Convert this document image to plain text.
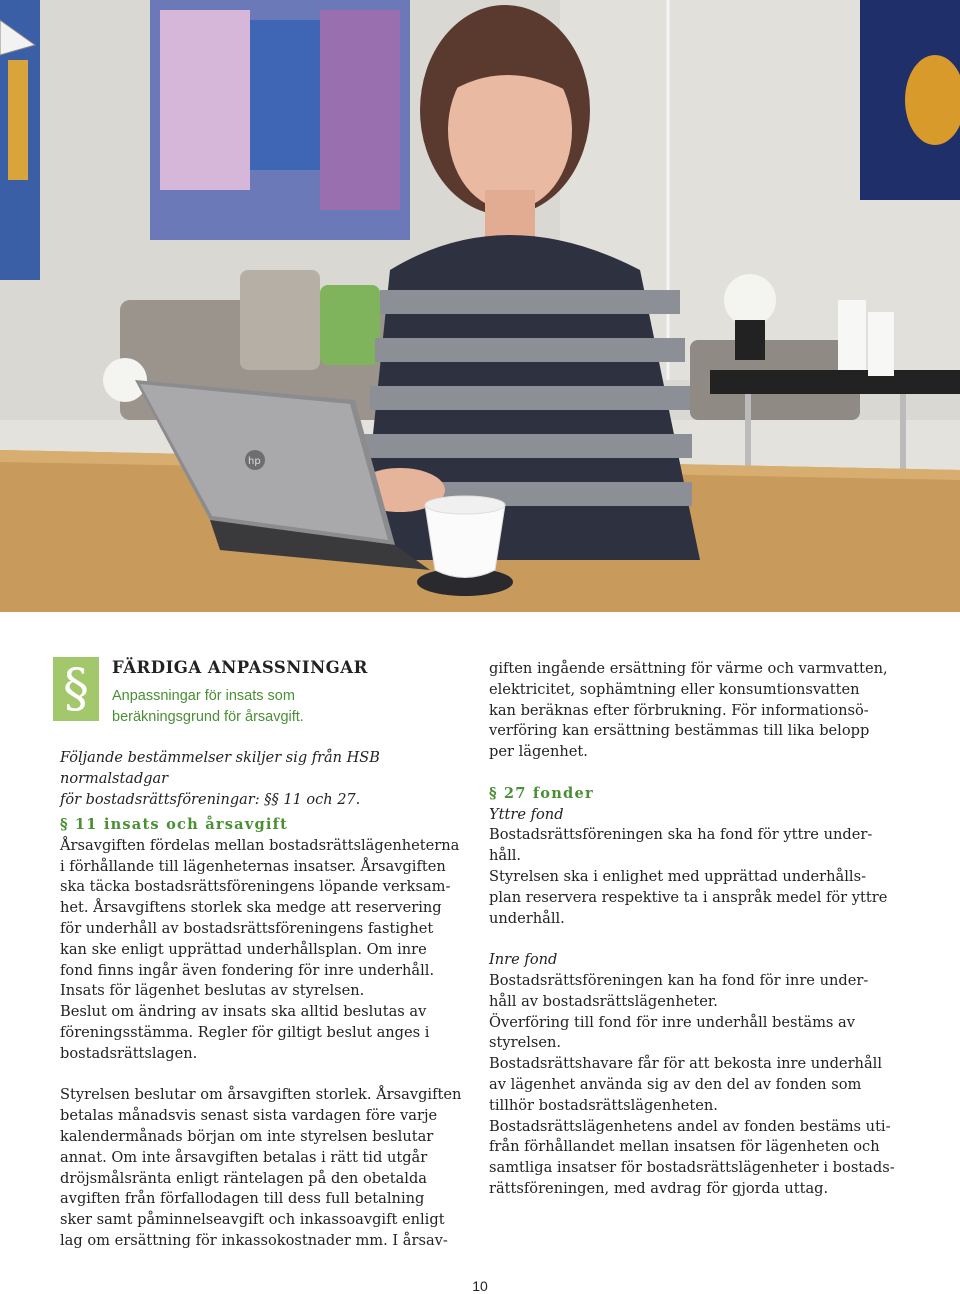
hp
§	FÄRDIGA ANPASSNINGAR
Anpassningar för insats som
beräkningsgrund för årsavgift.
Följande bestämmelser skiljer sig från HSB normalstadgar
för bostadsrättsföreningar: §§ 11 och 27.
§ 11 insats och årsavgift
Årsavgiften fördelas mellan bostadsrättslägenheterna
i förhållande till lägenheternas insatser. Årsavgiften
ska täcka bostadsrättsföreningens löpande verksam-
het. Årsavgiftens storlek ska medge att reservering
för underhåll av bostadsrättsföreningens fastighet
kan ske enligt upprättad underhållsplan. Om inre
fond finns ingår även fondering för inre underhåll.
Insats för lägenhet beslutas av styrelsen.
Beslut om ändring av insats ska alltid beslutas av
föreningsstämma. Regler för giltigt beslut anges i
bostadsrättslagen.
Styrelsen beslutar om årsavgiften storlek. Årsavgiften
betalas månadsvis senast sista vardagen före varje
kalendermånads början om inte styrelsen beslutar
annat. Om inte årsavgiften betalas i rätt tid utgår
dröjsmålsränta enligt räntelagen på den obetalda
avgiften från förfallodagen till dess full betalning
sker samt påminnelseavgift och inkassoavgift enligt
lag om ersättning för inkassokostnader mm. I årsav-
giften ingående ersättning för värme och varmvatten,
elektricitet, sophämtning eller konsumtionsvatten
kan beräknas efter förbrukning. För informationsö-
verföring kan ersättning bestämmas till lika belopp
per lägenhet.
§ 27 fonder
Yttre fond
Bostadsrättsföreningen ska ha fond för yttre under-
håll.
Styrelsen ska i enlighet med upprättad underhålls-
plan reservera respektive ta i anspråk medel för yttre
underhåll.
Inre fond
Bostadsrättsföreningen kan ha fond för inre under-
håll av bostadsrättslägenheter.
Överföring till fond för inre underhåll bestäms av
styrelsen.
Bostadsrättshavare får för att bekosta inre underhåll
av lägenhet använda sig av den del av fonden som
tillhör bostadsrättslägenheten.
Bostadsrättslägenhetens andel av fonden bestäms uti-
från förhållandet mellan insatsen för lägenheten och
samtliga insatser för bostadsrättslägenheter i bostads-
rättsföreningen, med avdrag för gjorda uttag.
10
